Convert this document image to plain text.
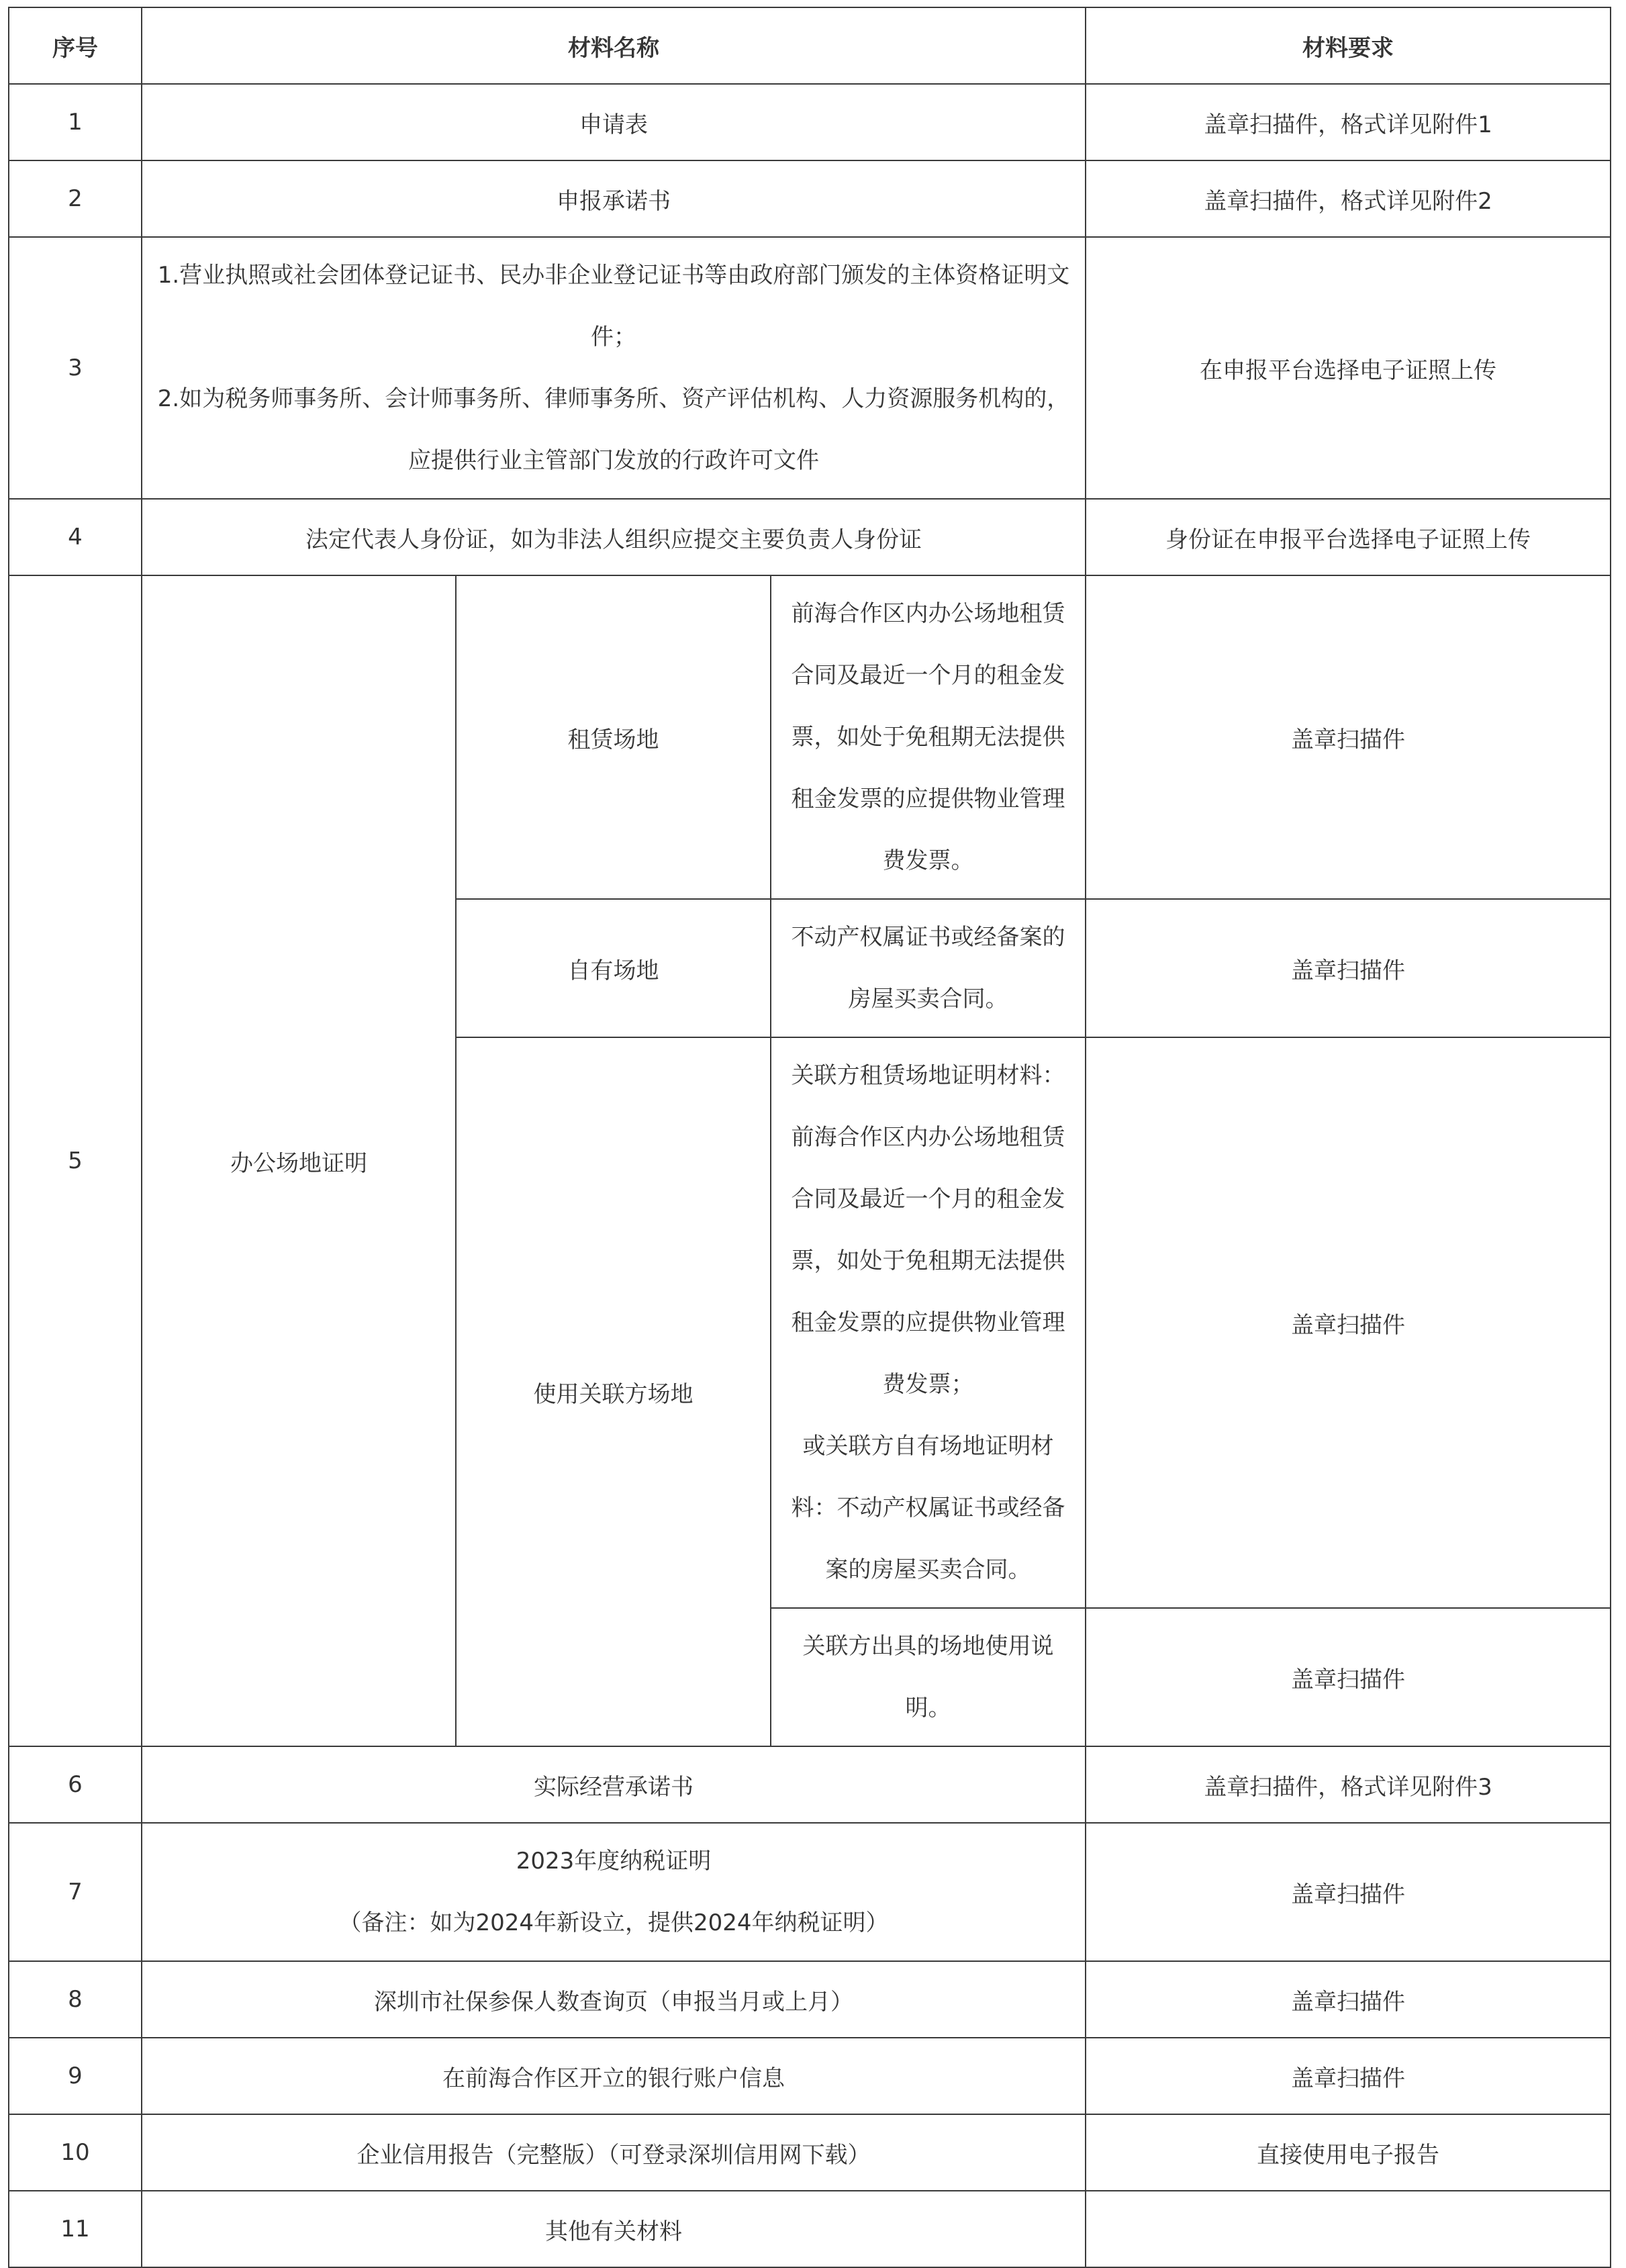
序号	材料名称			材料要求
1	申请表			盖章扫描件，格式详见附件1
2	申报承诺书			盖章扫描件，格式详见附件2
3	1.营业执照或社会团体登记证书、民办非企业登记证书等由政府部门颁发的主体资格证明文件；
2.如为税务师事务所、会计师事务所、律师事务所、资产评估机构、人力资源服务机构的，应提供行业主管部门发放的行政许可文件			在申报平台选择电子证照上传
4	法定代表人身份证，如为非法人组织应提交主要负责人身份证			身份证在申报平台选择电子证照上传
5	办公场地证明	租赁场地	前海合作区内办公场地租赁合同及最近一个月的租金发票，如处于免租期无法提供租金发票的应提供物业管理费发票。	盖章扫描件
		自有场地	不动产权属证书或经备案的房屋买卖合同。	盖章扫描件
		使用关联方场地	关联方租赁场地证明材料：前海合作区内办公场地租赁合同及最近一个月的租金发票，如处于免租期无法提供租金发票的应提供物业管理费发票；
或关联方自有场地证明材料：不动产权属证书或经备案的房屋买卖合同。	盖章扫描件
			关联方出具的场地使用说明。	盖章扫描件
6	实际经营承诺书			盖章扫描件，格式详见附件3
7	2023年度纳税证明
（备注：如为2024年新设立，提供2024年纳税证明）			盖章扫描件
8	深圳市社保参保人数查询页（申报当月或上月）			盖章扫描件
9	在前海合作区开立的银行账户信息			盖章扫描件
10	企业信用报告（完整版）（可登录深圳信用网下载）			直接使用电子报告
11	其他有关材料			
